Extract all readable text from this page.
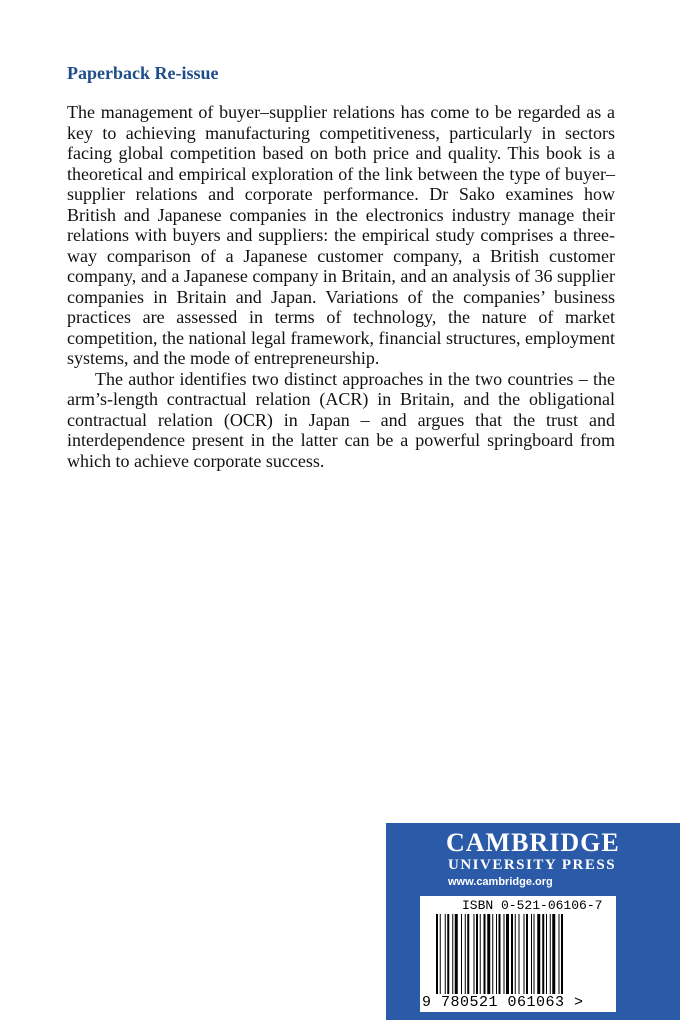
Paperback Re-issue

The management of buyer–supplier relations has come to be regarded as a key to achieving manufacturing competitiveness, particularly in sectors facing global competition based on both price and quality. This book is a theoretical and empirical exploration of the link between the type of buyer–supplier relations and corporate performance. Dr Sako examines how British and Japanese companies in the electronics industry manage their relations with buyers and suppliers: the empirical study comprises a three-way comparison of a Japanese customer company, a British customer company, and a Japanese company in Britain, and an analysis of 36 supplier companies in Britain and Japan. Variations of the companies’ business practices are assessed in terms of technology, the nature of market competition, the national legal framework, financial structures, employment systems, and the mode of entrepreneurship.

The author identifies two distinct approaches in the two countries – the arm’s-length contractual relation (ACR) in Britain, and the obligational contractual relation (OCR) in Japan – and argues that the trust and interdependence present in the latter can be a powerful springboard from which to achieve corporate success.

CAMBRIDGE
UNIVERSITY PRESS
www.cambridge.org
ISBN 0-521-06106-7
9 780521 061063 >
